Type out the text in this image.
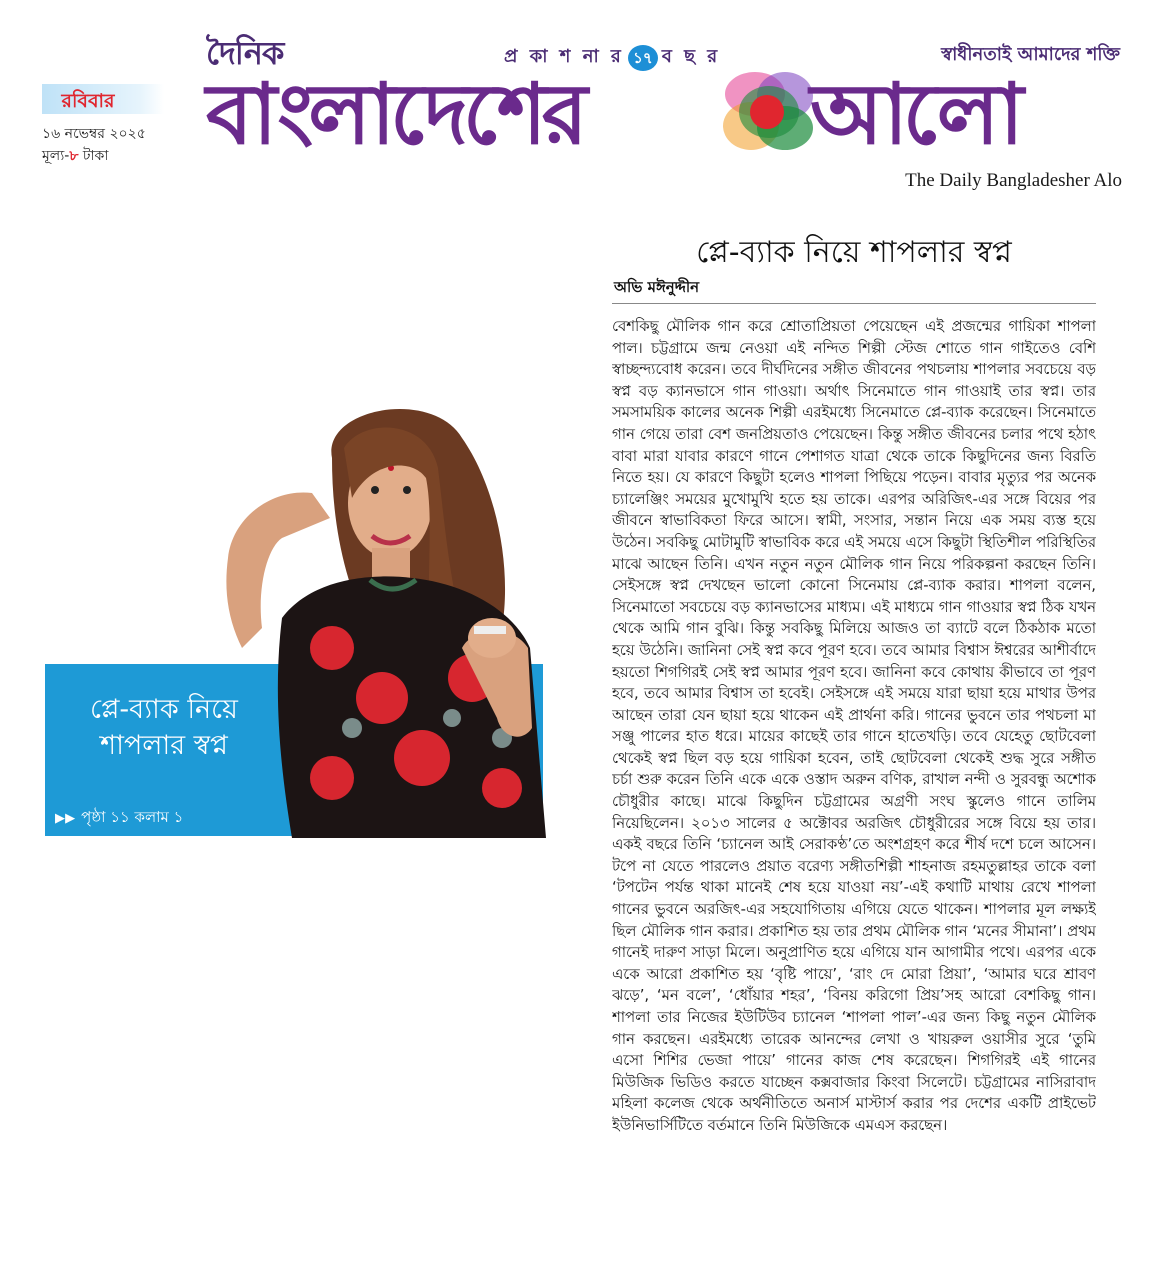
রবিবার
১৬ নভেম্বর ২০২৫
মূল্য-৮ টাকা
দৈনিক	প্র কা শ না র ১৭ ব ছ র	স্বাধীনতাই আমাদের শক্তি
বাংলাদেশের	আলো
The Daily Bangladesher Alo
প্লে-ব্যাক নিয়ে শাপলার স্বপ্ন
অভি মঈনুদ্দীন
বেশকিছু মৌলিক গান করে শ্রোতাপ্রিয়তা পেয়েছেন এই প্রজন্মের গায়িকা শাপলা পাল। চট্টগ্রামে জন্ম নেওয়া এই নন্দিত শিল্পী স্টেজ শোতে গান গাইতেও বেশি স্বাচ্ছন্দ্যবোধ করেন। তবে দীর্ঘদিনের সঙ্গীত জীবনের পথচলায় শাপলার সবচেয়ে বড় স্বপ্ন বড় ক্যানভাসে গান গাওয়া। অর্থাৎ সিনেমাতে গান গাওয়াই তার স্বপ্ন। তার সমসাময়িক কালের অনেক শিল্পী এরইমধ্যে সিনেমাতে প্লে-ব্যাক করেছেন। সিনেমাতে গান গেয়ে তারা বেশ জনপ্রিয়তাও পেয়েছেন। কিন্তু সঙ্গীত জীবনের চলার পথে হঠাৎ বাবা মারা যাবার কারণে গানে পেশাগত যাত্রা থেকে তাকে কিছুদিনের জন্য বিরতি নিতে হয়। যে কারণে কিছুটা হলেও শাপলা পিছিয়ে পড়েন। বাবার মৃত্যুর পর অনেক চ্যালেঞ্জিং সময়ের মুখোমুখি হতে হয় তাকে। এরপর অরিজিৎ-এর সঙ্গে বিয়ের পর জীবনে স্বাভাবিকতা ফিরে আসে। স্বামী, সংসার, সন্তান নিয়ে এক সময় ব্যস্ত হয়ে উঠেন। সবকিছু মোটামুটি স্বাভাবিক করে এই সময়ে এসে কিছুটা স্থিতিশীল পরিস্থিতির মাঝে আছেন তিনি। এখন নতুন নতুন মৌলিক গান নিয়ে পরিকল্পনা করছেন তিনি। সেইসঙ্গে স্বপ্ন দেখছেন ভালো কোনো সিনেমায় প্লে-ব্যাক করার। শাপলা বলেন, সিনেমাতো সবচেয়ে বড় ক্যানভাসের মাধ্যম। এই মাধ্যমে গান গাওয়ার স্বপ্ন ঠিক যখন থেকে আমি গান বুঝি। কিন্তু সবকিছু মিলিয়ে আজও তা ব্যাটে বলে ঠিকঠাক মতো হয়ে উঠেনি। জানিনা সেই স্বপ্ন কবে পূরণ হবে। তবে আমার বিশ্বাস ঈশ্বরের আশীর্বাদে হয়তো শিগগিরই সেই স্বপ্ন আমার পূরণ হবে। জানিনা কবে কোথায় কীভাবে তা পূরণ হবে, তবে আমার বিশ্বাস তা হবেই। সেইসঙ্গে এই সময়ে যারা ছায়া হয়ে মাথার উপর আছেন তারা যেন ছায়া হয়ে থাকেন এই প্রার্থনা করি। গানের ভুবনে তার পথচলা মা সঞ্জু পালের হাত ধরে। মায়ের কাছেই তার গানে হাতেখড়ি। তবে যেহেতু ছোটবেলা থেকেই স্বপ্ন ছিল বড় হয়ে গায়িকা হবেন, তাই ছোটবেলা থেকেই শুদ্ধ সুরে সঙ্গীত চর্চা শুরু করেন তিনি একে একে ওস্তাদ অরুন বণিক, রাখাল নন্দী ও সুরবন্ধু অশোক চৌধুরীর কাছে। মাঝে কিছুদিন চট্টগ্রামের অগ্রণী সংঘ স্কুলেও গানে তালিম নিয়েছিলেন। ২০১৩ সালের ৫ অক্টোবর অরজিৎ চৌধুরীরের সঙ্গে বিয়ে হয় তার। একই বছরে তিনি ‘চ্যানেল আই সেরাকণ্ঠ’তে অংশগ্রহণ করে শীর্ষ দশে চলে আসেন। টপে না যেতে পারলেও প্রয়াত বরেণ্য সঙ্গীতশিল্পী শাহনাজ রহমতুল্লাহর তাকে বলা ‘টপটেন পর্যন্ত থাকা মানেই শেষ হয়ে যাওয়া নয়’-এই কথাটি মাথায় রেখে শাপলা গানের ভুবনে অরজিৎ-এর সহযোগিতায় এগিয়ে যেতে থাকেন। শাপলার মূল লক্ষ্যই ছিল মৌলিক গান করার। প্রকাশিত হয় তার প্রথম মৌলিক গান ‘মনের সীমানা’। প্রথম গানেই দারুণ সাড়া মিলে। অনুপ্রাণিত হয়ে এগিয়ে যান আগামীর পথে। এরপর একে একে আরো প্রকাশিত হয় ‘বৃষ্টি পায়ে’, ‘রাং দে মোরা প্রিয়া’, ‘আমার ঘরে শ্রাবণ ঝড়ে’, ‘মন বলে’, ‘ধোঁয়ার শহর’, ‘বিনয় করিগো প্রিয়’সহ আরো বেশকিছু গান। শাপলা তার নিজের ইউটিউব চ্যানেল ‘শাপলা পাল’-এর জন্য কিছু নতুন মৌলিক গান করছেন। এরইমধ্যে তারেক আনন্দের লেখা ও খায়রুল ওয়াসীর সুরে ‘তুমি এসো শিশির ভেজা পায়ে’ গানের কাজ শেষ করেছেন। শিগগিরই এই গানের মিউজিক ভিডিও করতে যাচ্ছেন কক্সবাজার কিংবা সিলেটে। চট্টগ্রামের নাসিরাবাদ মহিলা কলেজ থেকে অর্থনীতিতে অনার্স মাস্টার্স করার পর দেশের একটি প্রাইভেট ইউনিভার্সিটিতে বর্তমানে তিনি মিউজিকে এমএস করছেন।
প্লে-ব্যাক নিয়ে
শাপলার স্বপ্ন
▶ ▶ পৃষ্ঠা ১১ কলাম ১
